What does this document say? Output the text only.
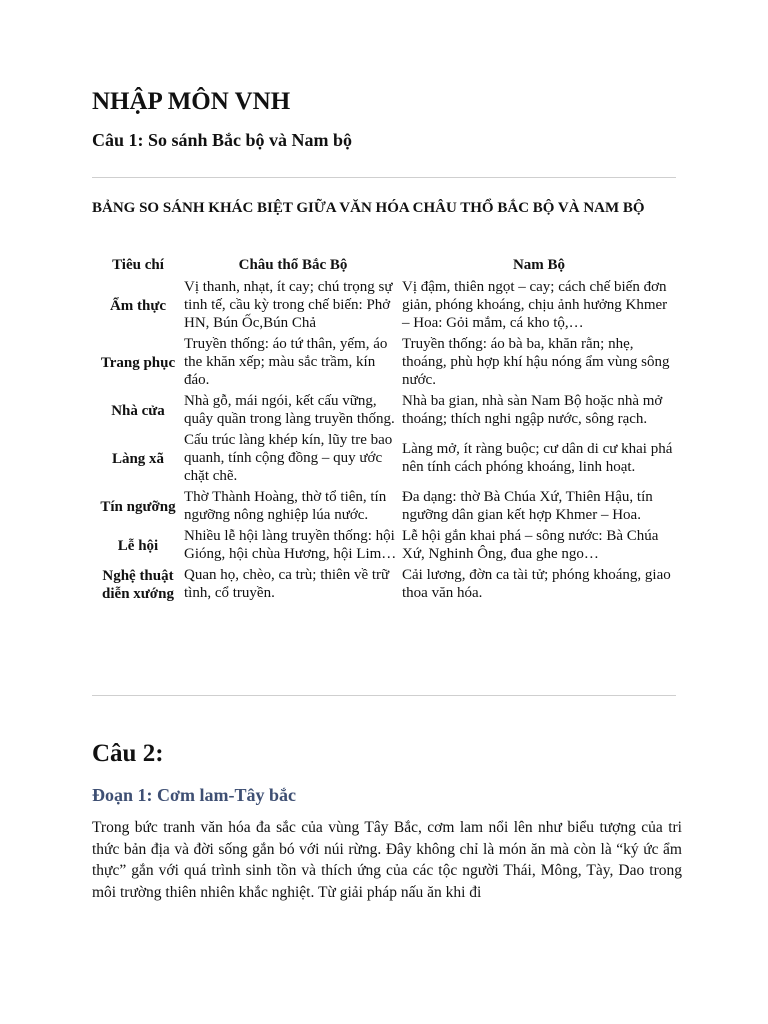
NHẬP MÔN VNH
Câu 1: So sánh Bắc bộ và Nam bộ
BẢNG SO SÁNH KHÁC BIỆT GIỮA VĂN HÓA CHÂU THỔ BẮC BỘ VÀ NAM BỘ
Tiêu chí	Châu thổ Bắc Bộ	Nam Bộ
Ẩm thực	Vị thanh, nhạt, ít cay; chú trọng sự tinh tế, cầu kỳ trong chế biến: Phở HN, Bún Ốc,Bún Chả	Vị đậm, thiên ngọt – cay; cách chế biến đơn giản, phóng khoáng, chịu ảnh hưởng Khmer – Hoa: Gỏi mắm, cá kho tộ,…
Trang phục	Truyền thống: áo tứ thân, yếm, áo the khăn xếp; màu sắc trầm, kín đáo.	Truyền thống: áo bà ba, khăn rằn; nhẹ, thoáng, phù hợp khí hậu nóng ẩm vùng sông nước.
Nhà cửa	Nhà gỗ, mái ngói, kết cấu vững, quây quần trong làng truyền thống.	Nhà ba gian, nhà sàn Nam Bộ hoặc nhà mở thoáng; thích nghi ngập nước, sông rạch.
Làng xã	Cấu trúc làng khép kín, lũy tre bao quanh, tính cộng đồng – quy ước chặt chẽ.	Làng mở, ít ràng buộc; cư dân di cư khai phá nên tính cách phóng khoáng, linh hoạt.
Tín ngưỡng	Thờ Thành Hoàng, thờ tổ tiên, tín ngưỡng nông nghiệp lúa nước.	Đa dạng: thờ Bà Chúa Xứ, Thiên Hậu, tín ngưỡng dân gian kết hợp Khmer – Hoa.
Lễ hội	Nhiều lễ hội làng truyền thống: hội Gióng, hội chùa Hương, hội Lim…	Lễ hội gắn khai phá – sông nước: Bà Chúa Xứ, Nghinh Ông, đua ghe ngo…
Nghệ thuật diễn xướng	Quan họ, chèo, ca trù; thiên về trữ tình, cổ truyền.	Cải lương, đờn ca tài tử; phóng khoáng, giao thoa văn hóa.
Câu 2:
Đoạn 1: Cơm lam-Tây bắc

Trong bức tranh văn hóa đa sắc của vùng Tây Bắc, cơm lam nổi lên như biểu tượng của tri thức bản địa và đời sống gắn bó với núi rừng. Đây không chỉ là món ăn mà còn là “ký ức ẩm thực” gắn với quá trình sinh tồn và thích ứng của các tộc người Thái, Mông, Tày, Dao trong môi trường thiên nhiên khắc nghiệt. Từ giải pháp nấu ăn khi đi
